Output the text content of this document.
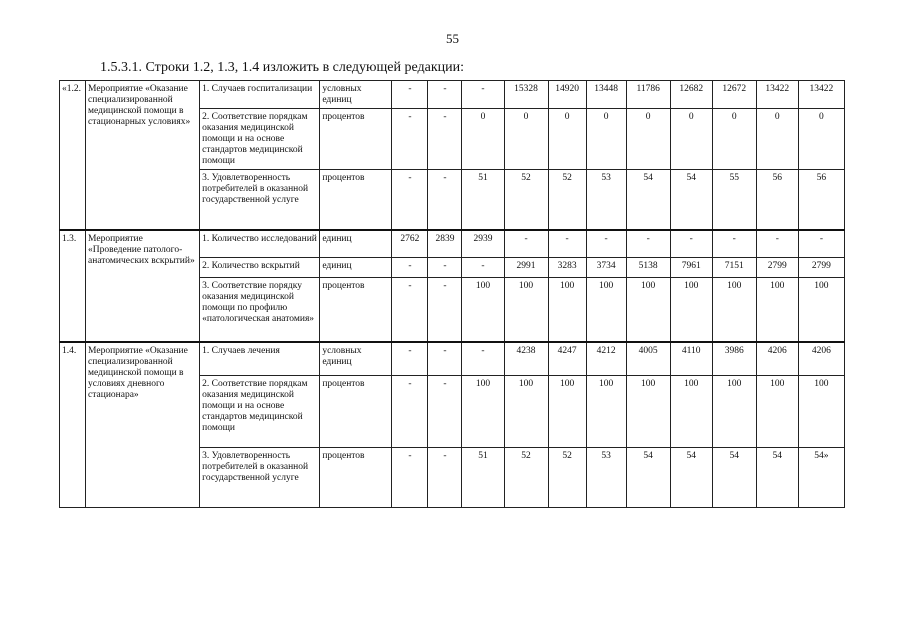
55
1.5.3.1. Строки 1.2, 1.3, 1.4 изложить в следующей редакции:
«1.2.	Мероприятие «Оказание специализированной медицинской помощи в стационарных условиях»	1. Случаев госпитализации	условных единиц	-	-	-	15328	14920	13448	11786	12682	12672	13422	13422
		2. Соответствие порядкам оказания медицинской помощи и на основе стандартов медицинской помощи	процентов	-	-	0	0	0	0	0	0	0	0	0
		3. Удовлетворенность потребителей в оказанной государственной услуге	процентов	-	-	51	52	52	53	54	54	55	56	56
1.3.	Мероприятие «Проведение патолого-анатомических вскрытий»	1. Количество исследований	единиц	2762	2839	2939	-	-	-	-	-	-	-	-
		2. Количество вскрытий	единиц	-	-	-	2991	3283	3734	5138	7961	7151	2799	2799
		3. Соответствие порядку оказания медицинской помощи по профилю «патологическая анатомия»	процентов	-	-	100	100	100	100	100	100	100	100	100
1.4.	Мероприятие «Оказание специализированной медицинской помощи в условиях дневного стационара»	1. Случаев лечения	условных единиц	-	-	-	4238	4247	4212	4005	4110	3986	4206	4206
		2. Соответствие порядкам оказания медицинской помощи и на основе стандартов медицинской помощи	процентов	-	-	100	100	100	100	100	100	100	100	100
		3. Удовлетворенность потребителей в оказанной государственной услуге	процентов	-	-	51	52	52	53	54	54	54	54	54»
